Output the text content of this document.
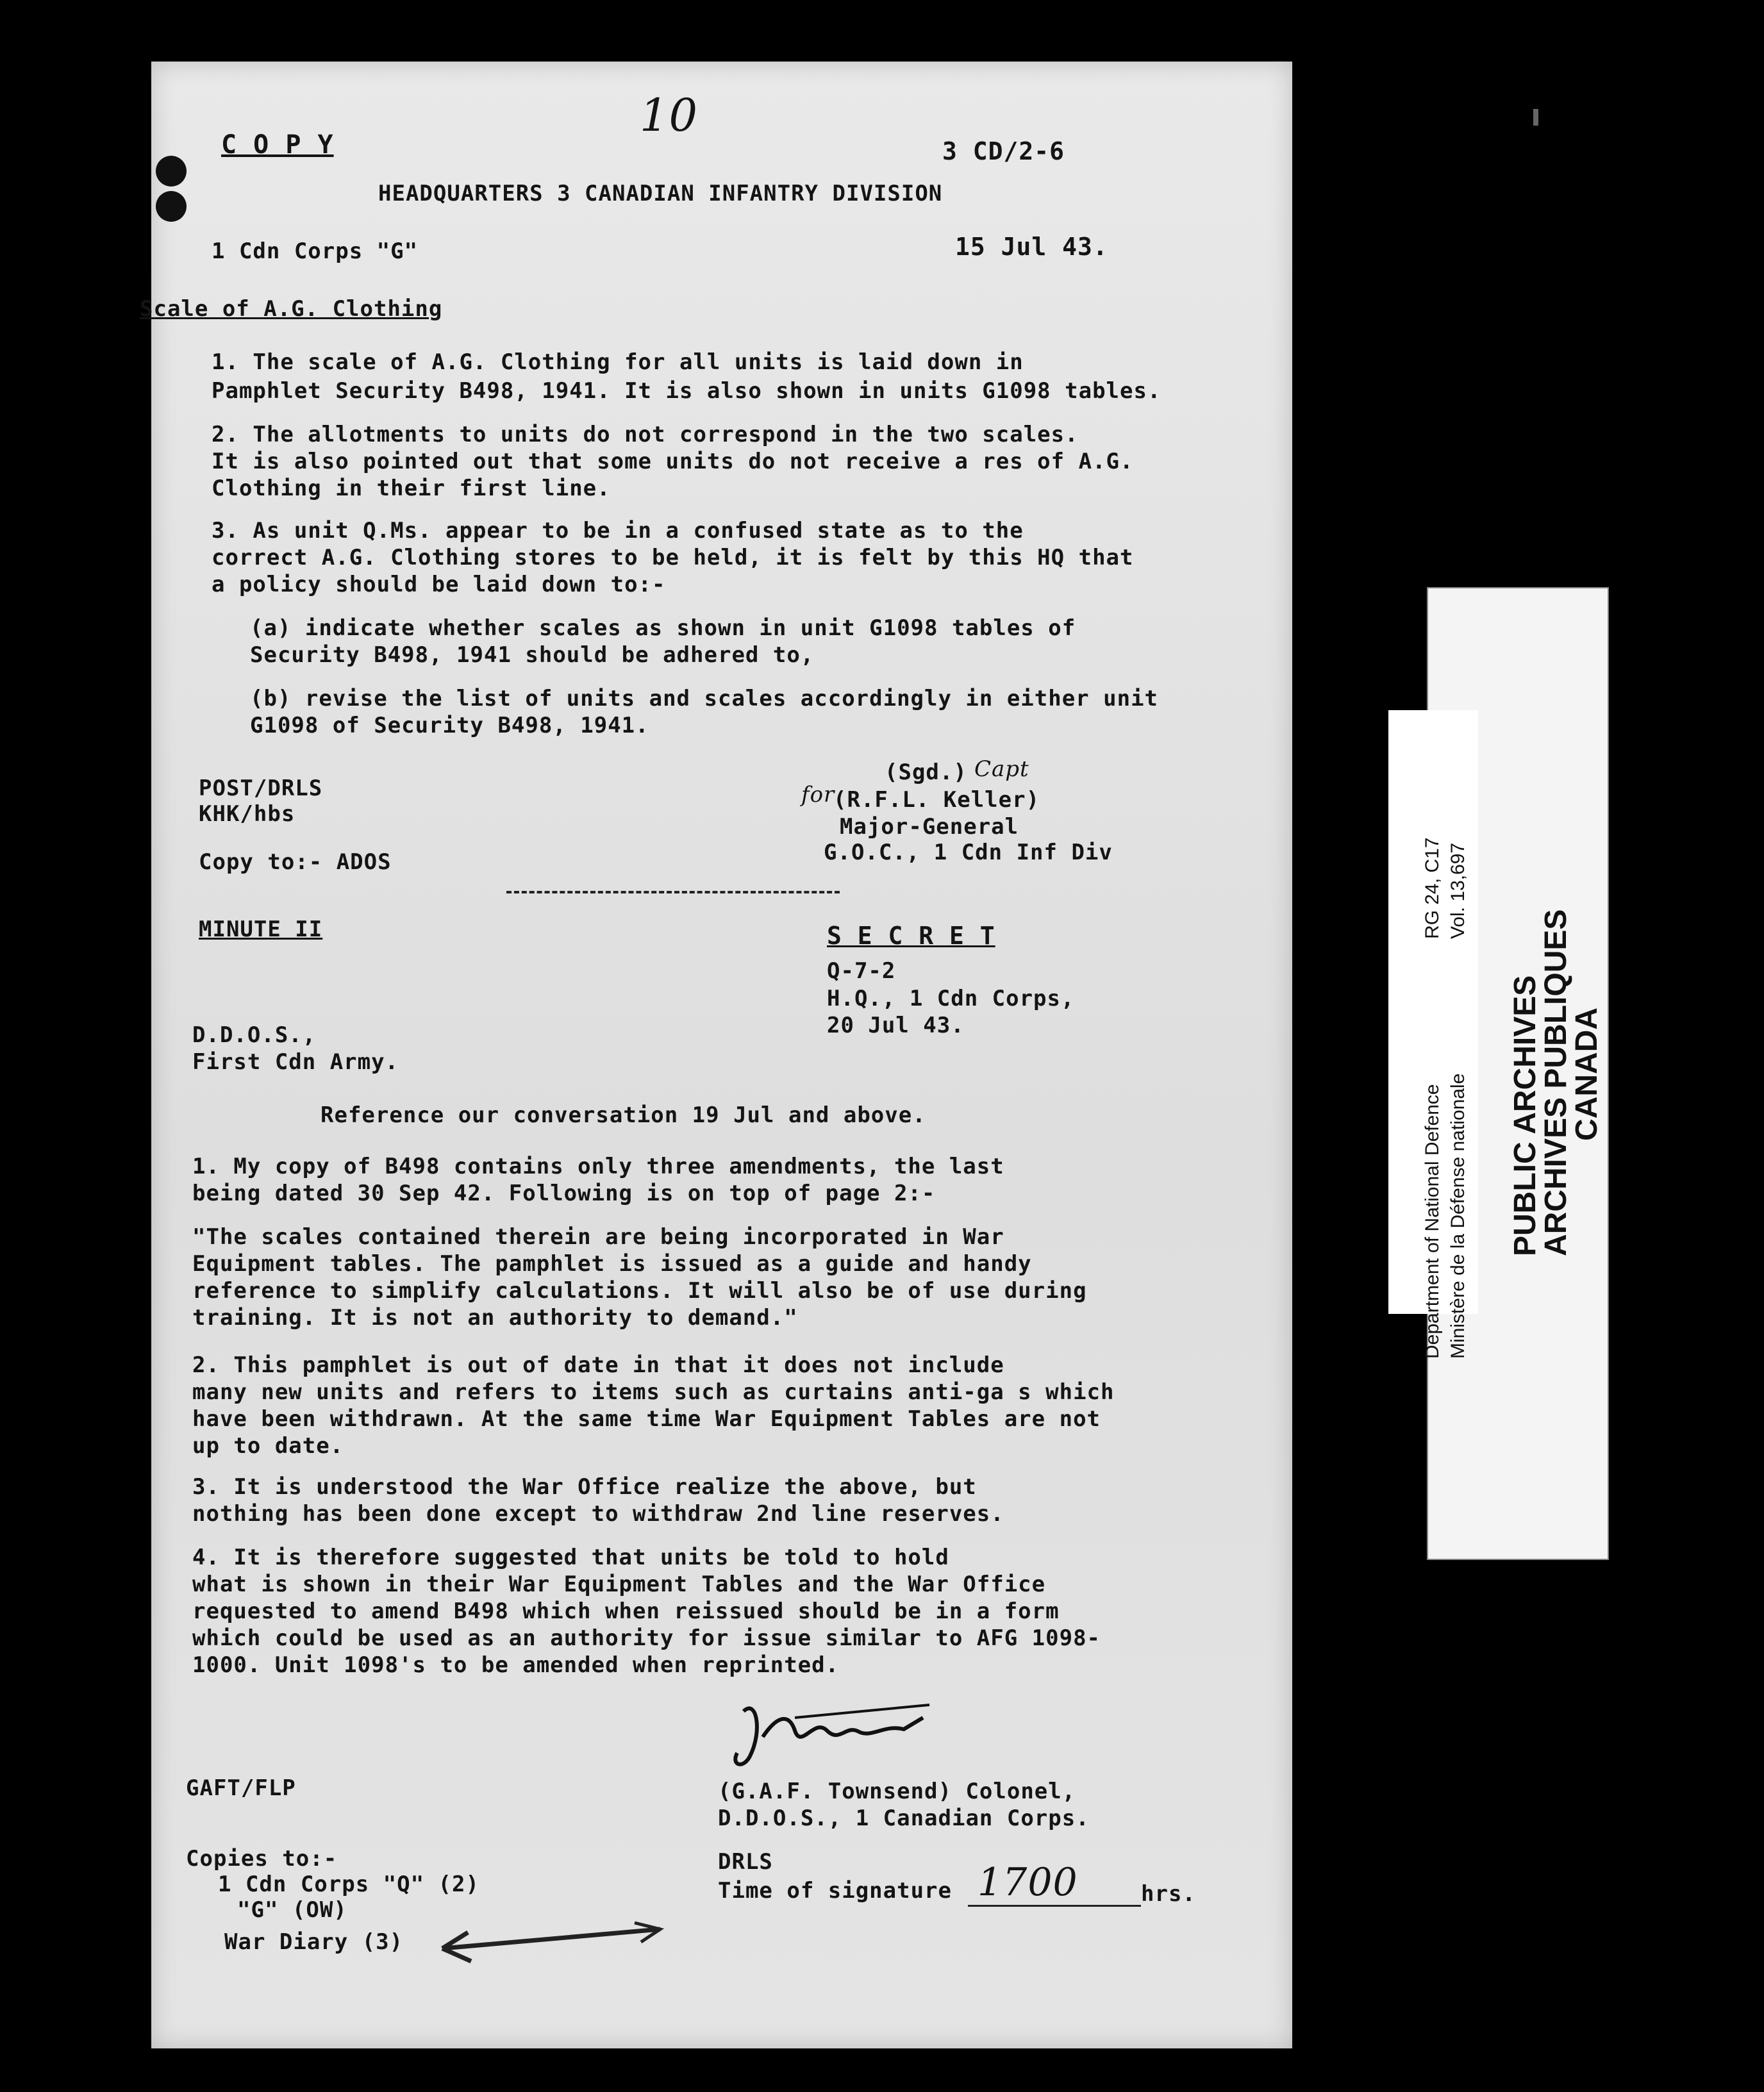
10
C O P Y	3 CD/2-6
HEADQUARTERS 3 CANADIAN INFANTRY DIVISION
1 Cdn Corps "G"	15 Jul 43.
Scale of A.G. Clothing
1. The scale of A.G. Clothing for all units is laid down in
Pamphlet Security B498, 1941. It is also shown in units G1098 tables.
2. The allotments to units do not correspond in the two scales.
It is also pointed out that some units do not receive a res of A.G.
Clothing in their first line.
3. As unit Q.Ms. appear to be in a confused state as to the
correct A.G. Clothing stores to be held, it is felt by this HQ that
a policy should be laid down to:-
(a) indicate whether scales as shown in unit G1098 tables of
Security B498, 1941 should be adhered to,
(b) revise the list of units and scales accordingly in either unit
G1098 of Security B498, 1941.
POST/DRLS
KHK/hbs
Copy to:- ADOS
for
(Sgd.) Capt
(R.F.L. Keller)
Major-General
G.O.C., 1 Cdn Inf Div
MINUTE II	S E C R E T
Q-7-2
H.Q., 1 Cdn Corps,
20 Jul 43.
D.D.O.S.,
First Cdn Army.
Reference our conversation 19 Jul and above.
1. My copy of B498 contains only three amendments, the last
being dated 30 Sep 42. Following is on top of page 2:-
"The scales contained therein are being incorporated in War
Equipment tables. The pamphlet is issued as a guide and handy
reference to simplify calculations. It will also be of use during
training. It is not an authority to demand."
2. This pamphlet is out of date in that it does not include
many new units and refers to items such as curtains anti-ga s which
have been withdrawn. At the same time War Equipment Tables are not
up to date.
3. It is understood the War Office realize the above, but
nothing has been done except to withdraw 2nd line reserves.
4. It is therefore suggested that units be told to hold
what is shown in their War Equipment Tables and the War Office
requested to amend B498 which when reissued should be in a form
which could be used as an authority for issue similar to AFG 1098-
1000. Unit 1098's to be amended when reprinted.
(G.A.F. Townsend) Colonel,
D.D.O.S., 1 Canadian Corps.
GAFT/FLP
DRLS
Time of signature 1700	hrs.
Copies to:-
1 Cdn Corps "Q" (2)
"G" (OW)
War Diary (3)
Department of National Defence Ministère de la Défense nationale
RG 24, C17 Vol. 13,697
PUBLIC ARCHIVES
ARCHIVES PUBLIQUES
CANADA
